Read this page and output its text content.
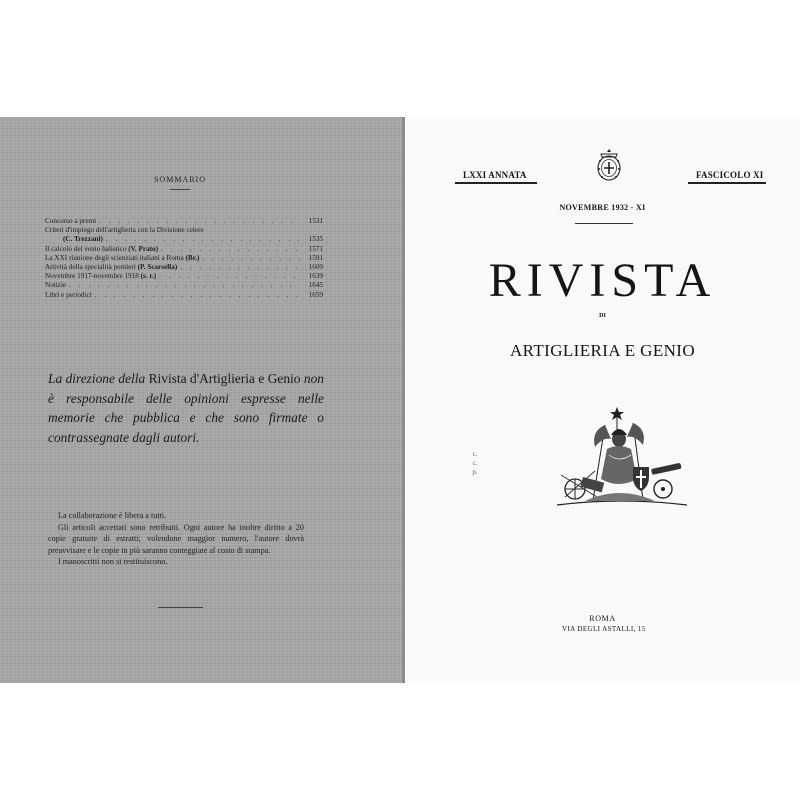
SOMMARIO
Concorso a premi . . .	1531
Criteri d'impiego dell'artiglieria con la Divisione celere
(C. Trezzani) . . .	1535
Il calcolo del vento balistico
(V. Prato) . . .	1571
La XXI riunione degli scienziati italiani a Roma
(Br.) . . .	1591
Attività della specialità pontieri
(P. Scarsella) . . .	1609
Novembre 1917-novembre 1918
(s. r.) . . .	1639
Notizie . . .	1645
Libri e periodici . . .	1659
La direzione della Rivista d'Artiglieria e Genio non è responsabile delle opinioni espresse nelle memorie che pubblica e che sono firmate o contrassegnate dagli autori.

La collaborazione è libera a tutti.

Gli articoli accettati sono retribuiti. Ogni autore ha inoltre diritto a 20 copie gratuite di estratti; volendone maggior numero, l'autore dovrà preavvisare e le copie in più saranno conteggiate al costo di stampa.

I manoscritti non si restituiscono.

LXXI ANNATA	FASCICOLO XI
NOVEMBRE 1932 - XI
RIVISTA
DI
ARTIGLIERIA E GENIO
c. c. p.
ROMA
VIA DEGLI ASTALLI, 15
